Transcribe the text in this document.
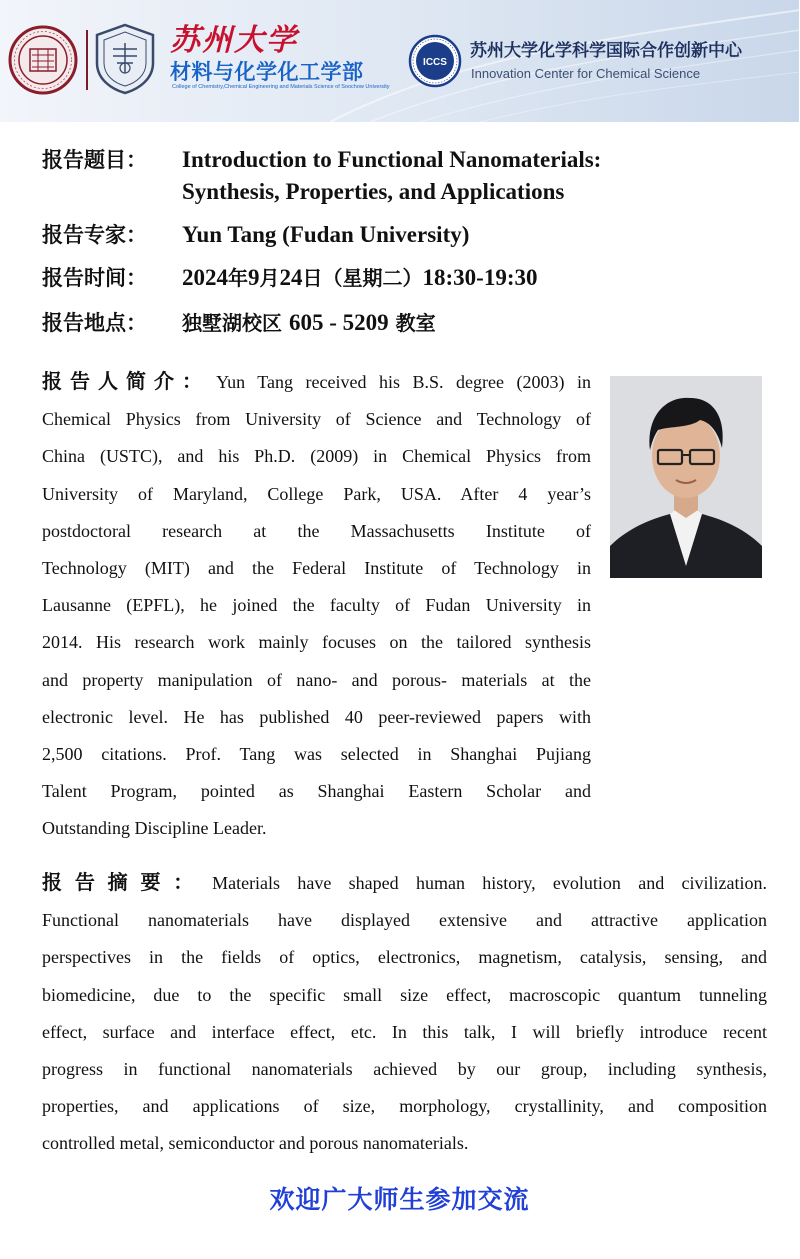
苏州大学
材料与化学化工学部
College of Chemistry,Chemical Engineering and Materials Science of Soochow University
ICCS
苏州大学化学科学国际合作创新中心
Innovation Center for Chemical Science
报告题目： Introduction to Functional Nanomaterials:
Synthesis, Properties, and Applications
报告专家： Yun Tang (Fudan University)
报告时间： 2024年9月24日（星期二）18:30-19:30
报告地点： 独墅湖校区 605 - 5209 教室
报告人简介： Yun Tang received his B.S. degree (2003) in
Chemical Physics from University of Science and Technology of
China (USTC), and his Ph.D. (2009) in Chemical Physics from
University of Maryland, College Park, USA. After 4 year’s
postdoctoral research at the Massachusetts Institute of
Technology (MIT) and the Federal Institute of Technology in
Lausanne (EPFL), he joined the faculty of Fudan University in
2014. His research work mainly focuses on the tailored synthesis
and property manipulation of nano- and porous- materials at the
electronic level. He has published 40 peer-reviewed papers with
2,500 citations. Prof. Tang was selected in Shanghai Pujiang
Talent Program, pointed as Shanghai Eastern Scholar and
Outstanding Discipline Leader.
报告摘要： Materials have shaped human history, evolution and civilization.
Functional nanomaterials have displayed extensive and attractive application
perspectives in the fields of optics, electronics, magnetism, catalysis, sensing, and
biomedicine, due to the specific small size effect, macroscopic quantum tunneling
effect, surface and interface effect, etc. In this talk, I will briefly introduce recent
progress in functional nanomaterials achieved by our group, including synthesis,
properties, and applications of size, morphology, crystallinity, and composition
controlled metal, semiconductor and porous nanomaterials.
欢迎广大师生参加交流
